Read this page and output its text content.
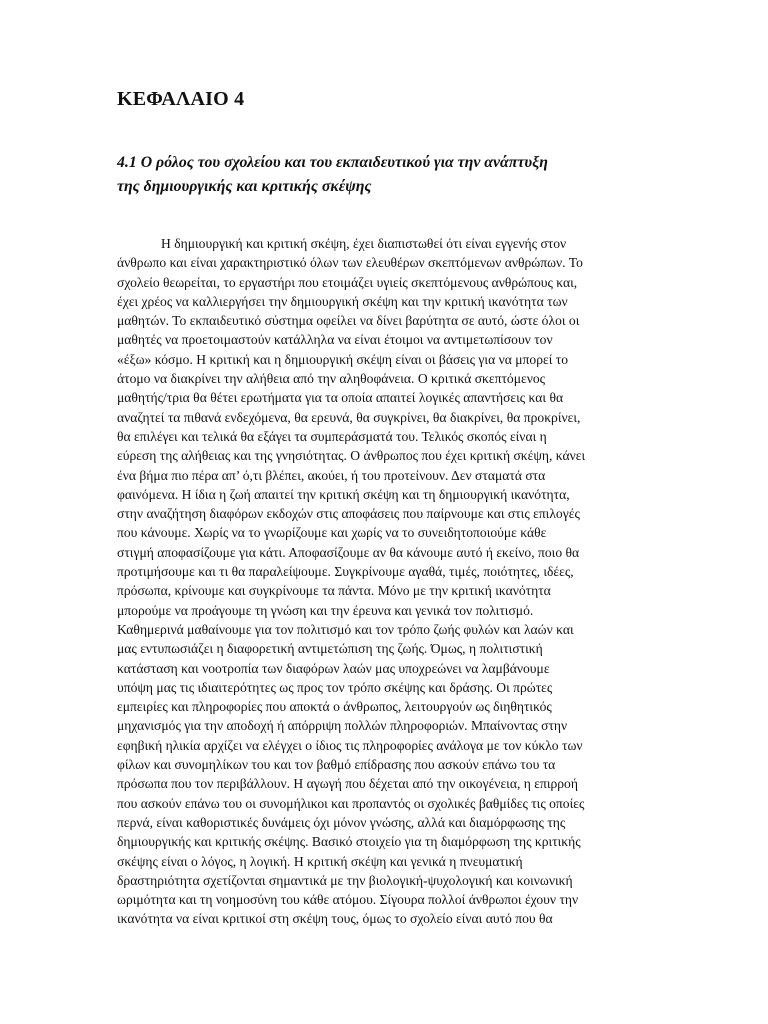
ΚΕΦΑΛΑΙΟ 4
4.1 Ο ρόλος του σχολείου και του εκπαιδευτικού για την ανάπτυξη
της δημιουργικής και κριτικής σκέψης
Η δημιουργική και κριτική σκέψη, έχει διαπιστωθεί ότι είναι εγγενής στον
άνθρωπο και είναι χαρακτηριστικό όλων των ελευθέρων σκεπτόμενων ανθρώπων. Το
σχολείο θεωρείται, το εργαστήρι που ετοιμάζει υγιείς σκεπτόμενους ανθρώπους και,
έχει χρέος να καλλιεργήσει την δημιουργική σκέψη και την κριτική ικανότητα των
μαθητών. Το εκπαιδευτικό σύστημα οφείλει να δίνει βαρύτητα σε αυτό, ώστε όλοι οι
μαθητές να προετοιμαστούν κατάλληλα να είναι έτοιμοι να αντιμετωπίσουν τον
«έξω» κόσμο. Η κριτική και η δημιουργική σκέψη είναι οι βάσεις για να μπορεί το
άτομο να διακρίνει την αλήθεια από την αληθοφάνεια. Ο κριτικά σκεπτόμενος
μαθητής/τρια θα θέτει ερωτήματα για τα οποία απαιτεί λογικές απαντήσεις και θα
αναζητεί τα πιθανά ενδεχόμενα, θα ερευνά, θα συγκρίνει, θα διακρίνει, θα προκρίνει,
θα επιλέγει και τελικά θα εξάγει τα συμπεράσματά του. Τελικός σκοπός είναι η
εύρεση της αλήθειας και της γνησιότητας. Ο άνθρωπος που έχει κριτική σκέψη, κάνει
ένα βήμα πιο πέρα απ’ ό,τι βλέπει, ακούει, ή του προτείνουν. Δεν σταματά στα
φαινόμενα. Η ίδια η ζωή απαιτεί την κριτική σκέψη και τη δημιουργική ικανότητα,
στην αναζήτηση διαφόρων εκδοχών στις αποφάσεις που παίρνουμε και στις επιλογές
που κάνουμε. Χωρίς να το γνωρίζουμε και χωρίς να το συνειδητοποιούμε κάθε
στιγμή αποφασίζουμε για κάτι. Αποφασίζουμε αν θα κάνουμε αυτό ή εκείνο, ποιο θα
προτιμήσουμε και τι θα παραλείψουμε. Συγκρίνουμε αγαθά, τιμές, ποιότητες, ιδέες,
πρόσωπα, κρίνουμε και συγκρίνουμε τα πάντα. Μόνο με την κριτική ικανότητα
μπορούμε να προάγουμε τη γνώση και την έρευνα και γενικά τον πολιτισμό.
Καθημερινά μαθαίνουμε για τον πολιτισμό και τον τρόπο ζωής φυλών και λαών και
μας εντυπωσιάζει η διαφορετική αντιμετώπιση της ζωής. Όμως, η πολιτιστική
κατάσταση και νοοτροπία των διαφόρων λαών μας υποχρεώνει να λαμβάνουμε
υπόψη μας τις ιδιαιτερότητες ως προς τον τρόπο σκέψης και δράσης. Οι πρώτες
εμπειρίες και πληροφορίες που αποκτά ο άνθρωπος, λειτουργούν ως διηθητικός
μηχανισμός για την αποδοχή ή απόρριψη πολλών πληροφοριών. Μπαίνοντας στην
εφηβική ηλικία αρχίζει να ελέγχει ο ίδιος τις πληροφορίες ανάλογα με τον κύκλο των
φίλων και συνομηλίκων του και τον βαθμό επίδρασης που ασκούν επάνω του τα
πρόσωπα που τον περιβάλλουν. Η αγωγή που δέχεται από την οικογένεια, η επιρροή
που ασκούν επάνω του οι συνομήλικοι και προπαντός οι σχολικές βαθμίδες τις οποίες
περνά, είναι καθοριστικές δυνάμεις όχι μόνον γνώσης, αλλά και διαμόρφωσης της
δημιουργικής και κριτικής σκέψης. Βασικό στοιχείο για τη διαμόρφωση της κριτικής
σκέψης είναι ο λόγος, η λογική. Η κριτική σκέψη και γενικά η πνευματική
δραστηριότητα σχετίζονται σημαντικά με την βιολογική-ψυχολογική και κοινωνική
ωριμότητα και τη νοημοσύνη του κάθε ατόμου. Σίγουρα πολλοί άνθρωποι έχουν την
ικανότητα να είναι κριτικοί στη σκέψη τους, όμως το σχολείο είναι αυτό που θα
